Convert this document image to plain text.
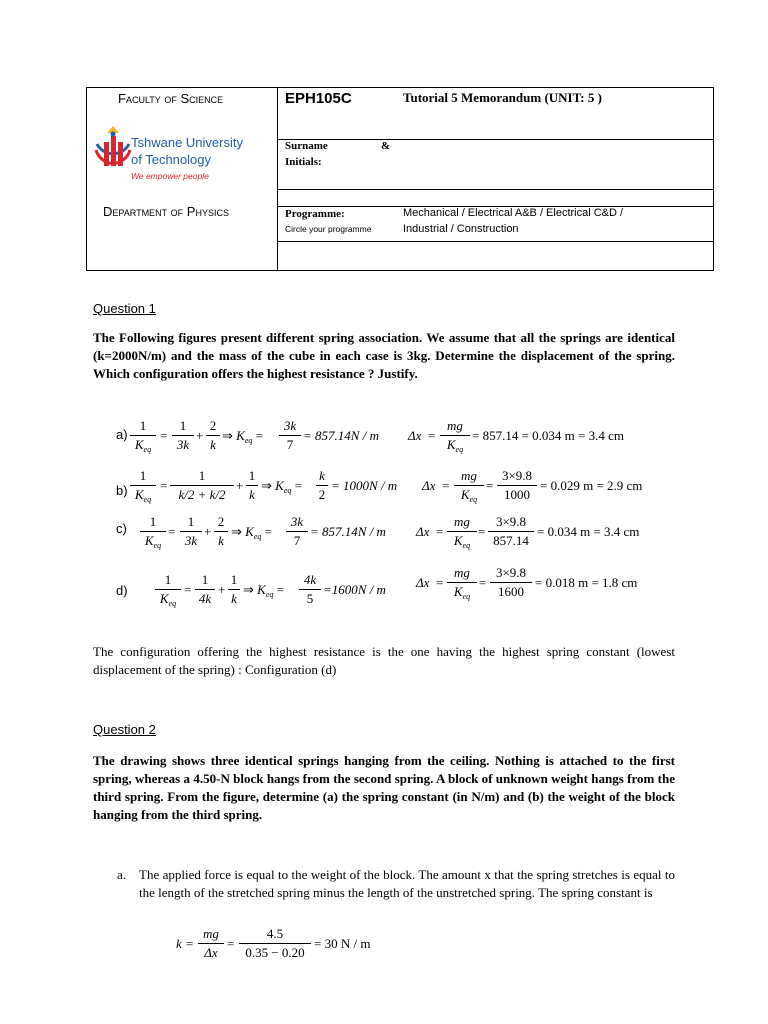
Faculty of Science
Tshwane University
of Technology
We empower people
Department of Physics
EPH105C	Tutorial 5 Memorandum (UNIT: 5 )
Surname	&
Initials:
Programme:
Circle your programme
Mechanical / Electrical A&B / Electrical C&D /
Industrial / Construction
Question 1
The Following figures present different spring association. We assume that all the springs are identical (k=2000N/m) and the mass of the cube in each case is 3kg. Determine the displacement of the spring. Which configuration offers the highest resistance ? Justify.
a)
1
$K_{eq}$
= $\frac{1}{3k} + \frac{2}{k}$ ⇒ $K_{eq} = \frac{3k}{7} = 857.14N / m$ Δx =
mg
$K_{eq}$
= 857.14 = 0.034 m = 3.4 cm
b)
1
$K_{eq}$
= $\frac{1}{k/2 + k/2} + \frac{1}{k}$ ⇒ $K_{eq} = \frac{k}{2} = 1000N / m$ Δx =
mg
$K_{eq}$
= $\frac{3\times 9.8}{1000} = 0.029$ m = 2.9 cm
c)	1
$K_{eq}$
= $\frac{1}{3k} + \frac{2}{k}$ ⇒ $K_{eq} = \frac{3k}{7} = 857.14N / m$ Δx =
mg
$K_{eq}$
= $\frac{3\times 9.8}{857.14} = 0.034$ m = 3.4 cm
d)
1
$K_{eq}$
= $\frac{1}{4k} + \frac{1}{k}$ ⇒ $K_{eq} = \frac{4k}{5} =1600N / m$ Δx =
mg
$K_{eq}$
= $\frac{3\times 9.8}{1600} = 0.018$ m = 1.8 cm
The configuration offering the highest resistance is the one having the highest spring constant (lowest displacement of the spring) : Configuration (d)
Question 2
The drawing shows three identical springs hanging from the ceiling. Nothing is attached to the first spring, whereas a 4.50-N block hangs from the second spring. A block of unknown weight hangs from the third spring. From the figure, determine (a) the spring constant (in N/m) and (b) the weight of the block hanging from the third spring.
a. The applied force is equal to the weight of the block. The amount x that the spring stretches is equal to the length of the stretched spring minus the length of the unstretched spring. The spring constant is
$k = \frac{mg}{\Delta x} = \frac{4.5}{0.35 - 0.20} = 30$ N / m
